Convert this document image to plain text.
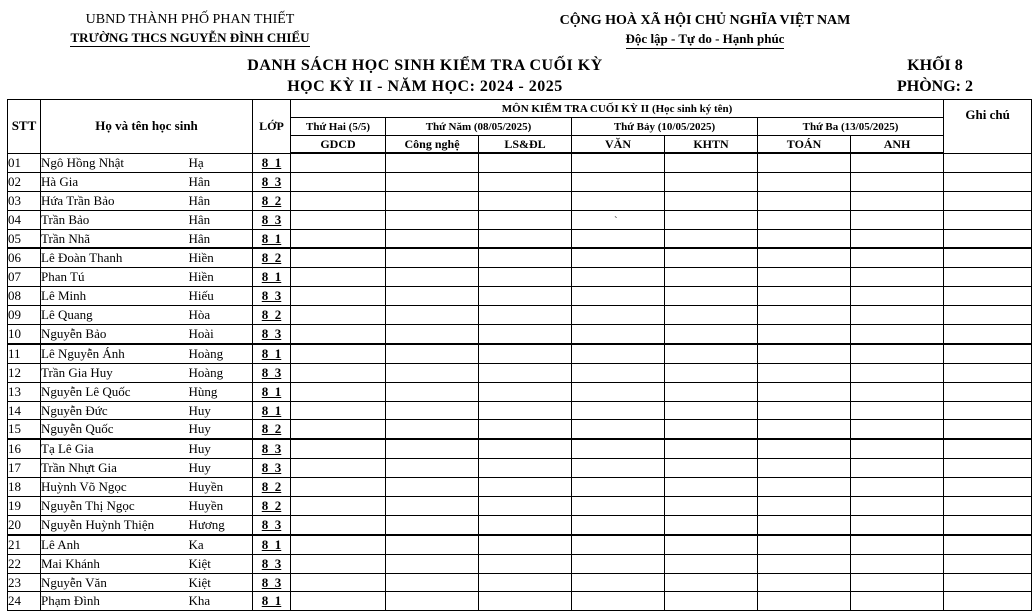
UBND THÀNH PHỐ PHAN THIẾT
TRƯỜNG THCS NGUYỄN ĐÌNH CHIỂU
CỘNG HOÀ XÃ HỘI CHỦ NGHĨA VIỆT NAM
Độc lập - Tự do - Hạnh phúc
DANH SÁCH HỌC SINH KIỂM TRA CUỐI KỲ
HỌC KỲ II - NĂM HỌC: 2024 - 2025
KHỐI 8
PHÒNG: 2
STT	Họ và tên học sinh		LỚP	MÔN KIỂM TRA CUỐI KỲ II (Học sinh ký tên)							Ghi chú
				Thứ Hai (5/5)	Thứ Năm (08/05/2025)		Thứ Bảy (10/05/2025)		Thứ Ba (13/05/2025)		
				GDCD	Công nghệ	LS&ĐL	VĂN	KHTN	TOÁN	ANH	
01	Ngô Hồng Nhật	Hạ	8_1								
02	Hà Gia	Hân	8_3								
03	Hứa Trần Bảo	Hân	8_2								
04	Trần Bảo	Hân	8_3				`				
05	Trần Nhã	Hân	8_1								
06	Lê Đoàn Thanh	Hiền	8_2								
07	Phan Tú	Hiền	8_1								
08	Lê Minh	Hiếu	8_3								
09	Lê Quang	Hòa	8_2								
10	Nguyễn Bảo	Hoài	8_3								
11	Lê Nguyễn Ánh	Hoàng	8_1								
12	Trần Gia Huy	Hoàng	8_3								
13	Nguyễn Lê Quốc	Hùng	8_1								
14	Nguyễn Đức	Huy	8_1								
15	Nguyễn Quốc	Huy	8_2								
16	Tạ Lê Gia	Huy	8_3								
17	Trần Nhựt Gia	Huy	8_3								
18	Huỳnh Võ Ngọc	Huyền	8_2								
19	Nguyễn Thị Ngọc	Huyền	8_2								
20	Nguyễn Huỳnh Thiện	Hương	8_3								
21	Lê Anh	Ka	8_1								
22	Mai Khánh	Kiệt	8_3								
23	Nguyễn Văn	Kiệt	8_3								
24	Phạm Đình	Kha	8_1								
